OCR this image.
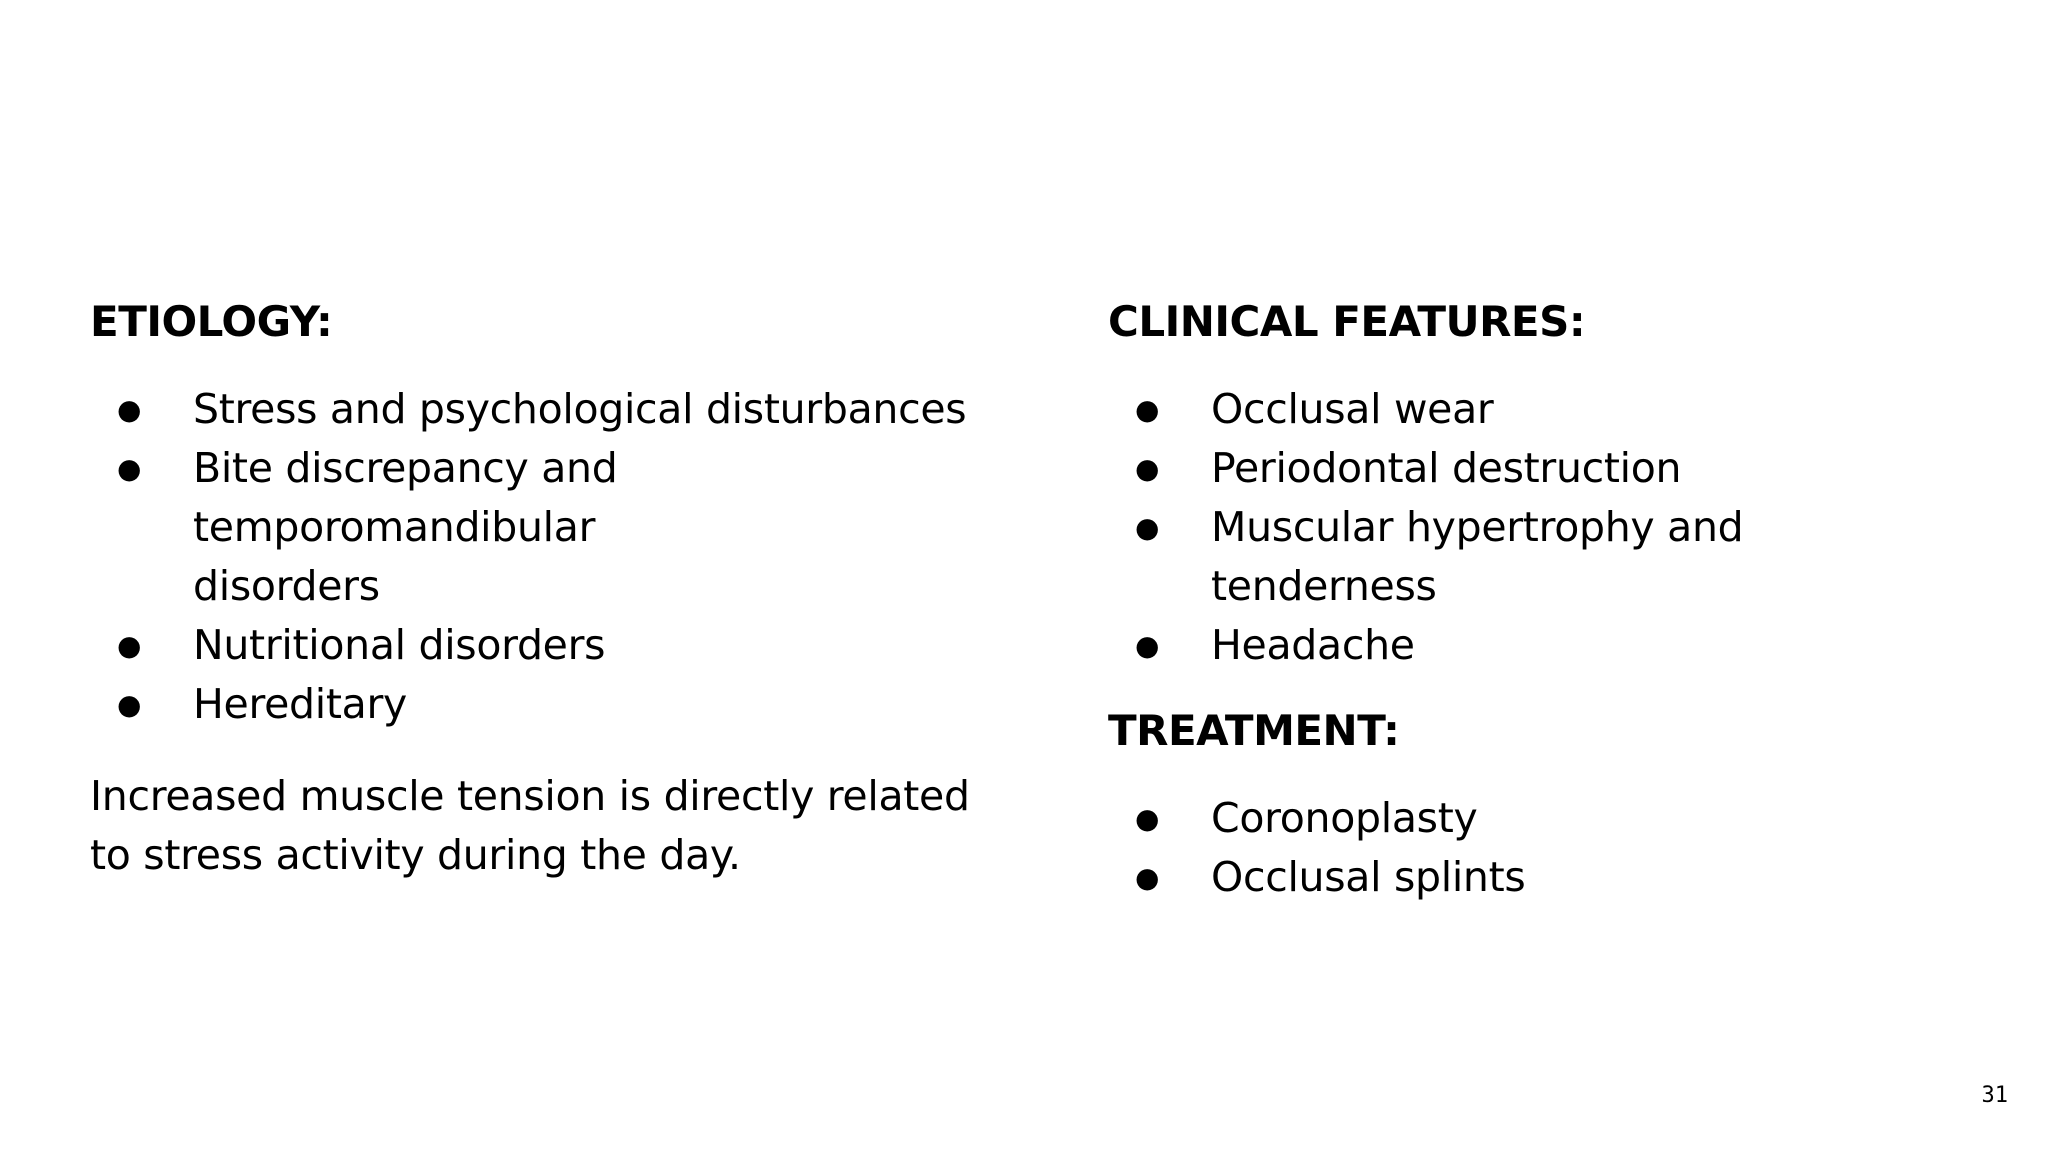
ETIOLOGY:
● Stress and psychological disturbances
● Bite discrepancy and temporomandibular disorders
● Nutritional disorders
● Hereditary
Increased muscle tension is directly related to stress activity during the day.
CLINICAL FEATURES:
● Occlusal wear
● Periodontal destruction
● Muscular hypertrophy and tenderness
● Headache
TREATMENT:
● Coronoplasty
● Occlusal splints
31
